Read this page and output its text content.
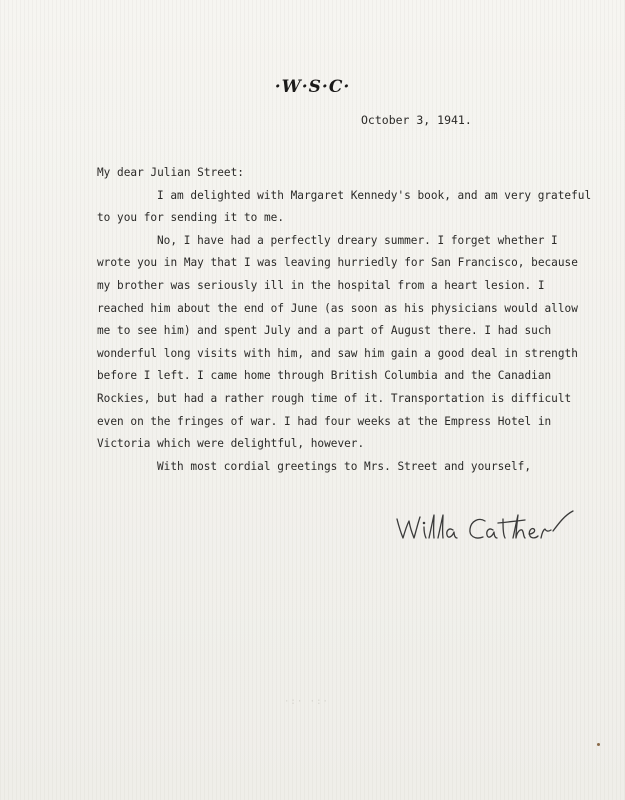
·W·S·C·
October 3, 1941.
My dear Julian Street:
I am delighted with Margaret Kennedy's book, and am very grateful
to you for sending it to me.
No, I have had a perfectly dreary summer. I forget whether I
wrote you in May that I was leaving hurriedly for San Francisco, because
my brother was seriously ill in the hospital from a heart lesion. I
reached him about the end of June (as soon as his physicians would allow
me to see him) and spent July and a part of August there. I had such
wonderful long visits with him, and saw him gain a good deal in strength
before I left. I came home through British Columbia and the Canadian
Rockies, but had a rather rough time of it. Transportation is difficult
even on the fringes of war. I had four weeks at the Empress Hotel in
Victoria which were delightful, however.
With most cordial greetings to Mrs. Street and yourself,
·:· ·:·
